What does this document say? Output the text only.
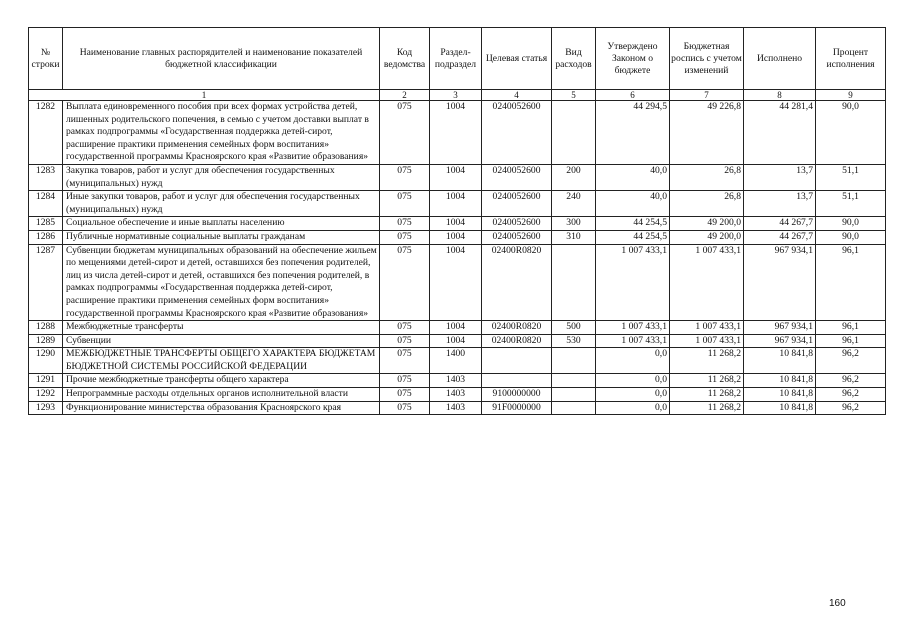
№ строки	Наименование главных распорядителей и наименование показателей бюджетной классификации	Код ведомства	Раздел-подраздел	Целевая статья	Вид расходов	Утверждено Законом о бюджете	Бюджетная роспись с учетом изменений	Исполнено	Процент исполнения
1		2	3	4	5	6	7	8	9
1282	Выплата единовременного пособия при всех формах устройства детей, лишенных родительского попечения, в семью с учетом доставки выплат в рамках подпрограммы «Государственная поддержка детей-сирот, расширение практики применения семейных форм воспитания» государственной программы Красноярского края «Развитие образования»	075	1004	0240052600		44 294,5	49 226,8	44 281,4	90,0
1283	Закупка товаров, работ и услуг для обеспечения государственных (муниципальных) нужд	075	1004	0240052600	200	40,0	26,8	13,7	51,1
1284	Иные закупки товаров, работ и услуг для обеспечения государственных (муниципальных) нужд	075	1004	0240052600	240	40,0	26,8	13,7	51,1
1285	Социальное обеспечение и иные выплаты населению	075	1004	0240052600	300	44 254,5	49 200,0	44 267,7	90,0
1286	Публичные нормативные социальные выплаты гражданам	075	1004	0240052600	310	44 254,5	49 200,0	44 267,7	90,0
1287	Субвенции бюджетам муниципальных образований на обеспечение жильем по мещениями детей-сирот и детей, оставшихся без попечения родителей, лиц из числа детей-сирот и детей, оставшихся без попечения родителей, в рамках подпрограммы «Государственная поддержка детей-сирот, расширение практики применения семейных форм воспитания» государственной программы Красноярского края «Развитие образования»	075	1004	02400R0820		1 007 433,1	1 007 433,1	967 934,1	96,1
1288	Межбюджетные трансферты	075	1004	02400R0820	500	1 007 433,1	1 007 433,1	967 934,1	96,1
1289	Субвенции	075	1004	02400R0820	530	1 007 433,1	1 007 433,1	967 934,1	96,1
1290	МЕЖБЮДЖЕТНЫЕ ТРАНСФЕРТЫ ОБЩЕГО ХАРАКТЕРА БЮДЖЕТАМ БЮДЖЕТНОЙ СИСТЕМЫ РОССИЙСКОЙ ФЕДЕРАЦИИ	075	1400			0,0	11 268,2	10 841,8	96,2
1291	Прочие межбюджетные трансферты общего характера	075	1403			0,0	11 268,2	10 841,8	96,2
1292	Непрограммные расходы отдельных органов исполнительной власти	075	1403	9100000000		0,0	11 268,2	10 841,8	96,2
1293	Функционирование министерства образования Красноярского края	075	1403	91F0000000		0,0	11 268,2	10 841,8	96,2
160
